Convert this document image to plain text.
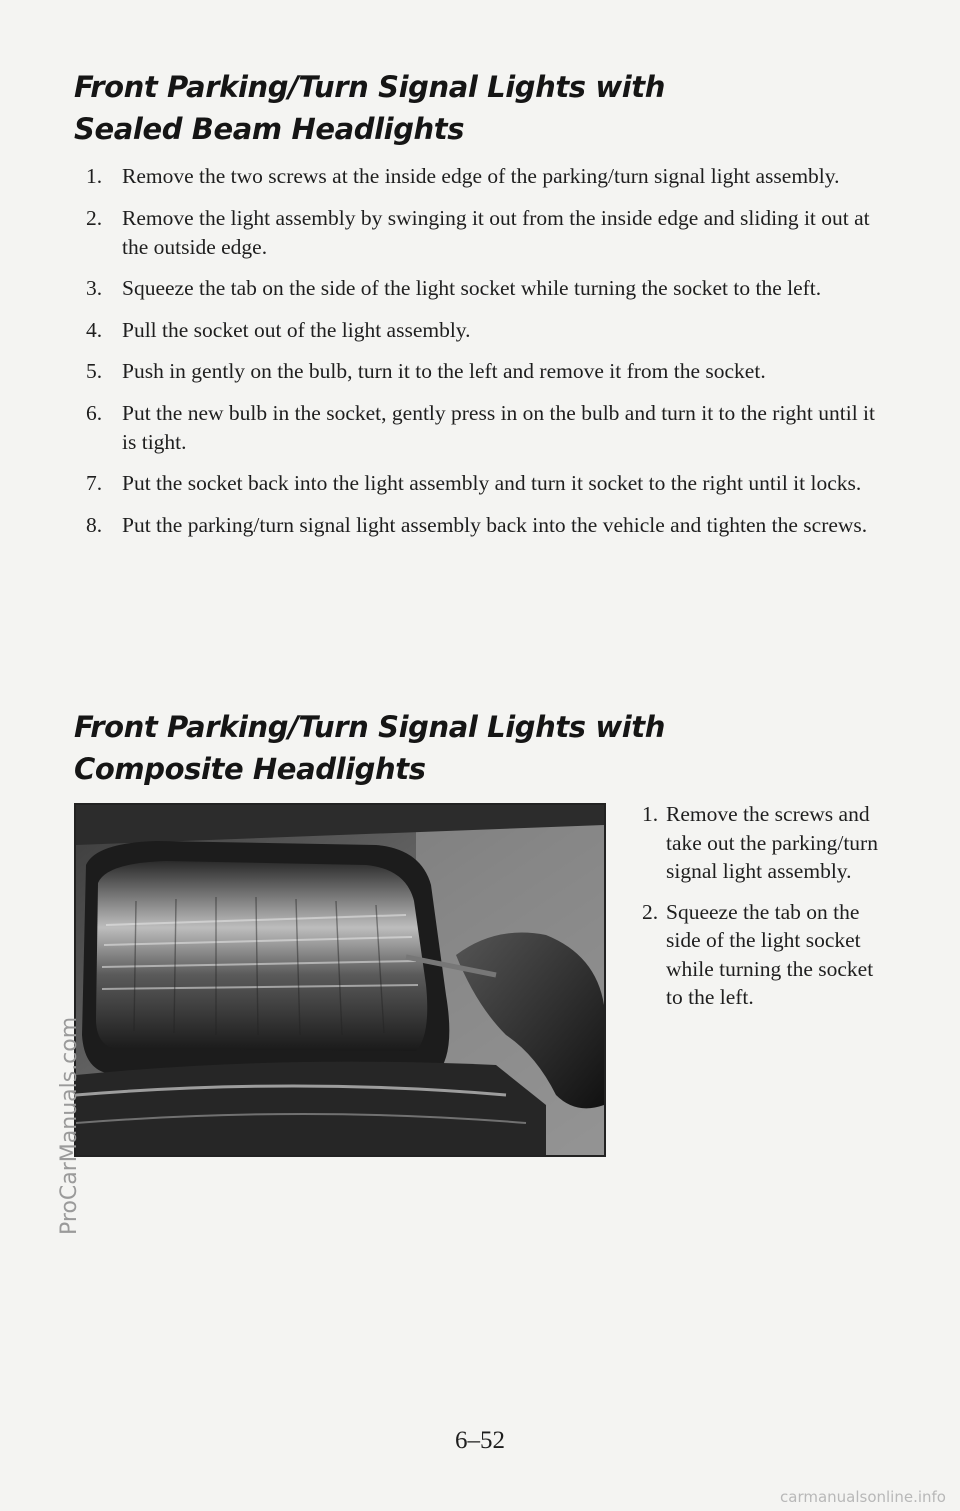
Front Parking/Turn Signal Lights with
Sealed Beam Headlights
1. Remove the two screws at the inside edge of the parking/turn signal light assembly.
2. Remove the light assembly by swinging it out from the inside edge and sliding it out at the outside edge.
3. Squeeze the tab on the side of the light socket while turning the socket to the left.
4. Pull the socket out of the light assembly.
5. Push in gently on the bulb, turn it to the left and remove it from the socket.
6. Put the new bulb in the socket, gently press in on the bulb and turn it to the right until it is tight.
7. Put the socket back into the light assembly and turn it socket to the right until it locks.
8. Put the parking/turn signal light assembly back into the vehicle and tighten the screws.
Front Parking/Turn Signal Lights with
Composite Headlights
1. Remove the screws and take out the parking/turn signal light assembly.
2. Squeeze the tab on the side of the light socket while turning the socket to the left.
6–52
ProCarManuals.com
carmanualsonline.info
